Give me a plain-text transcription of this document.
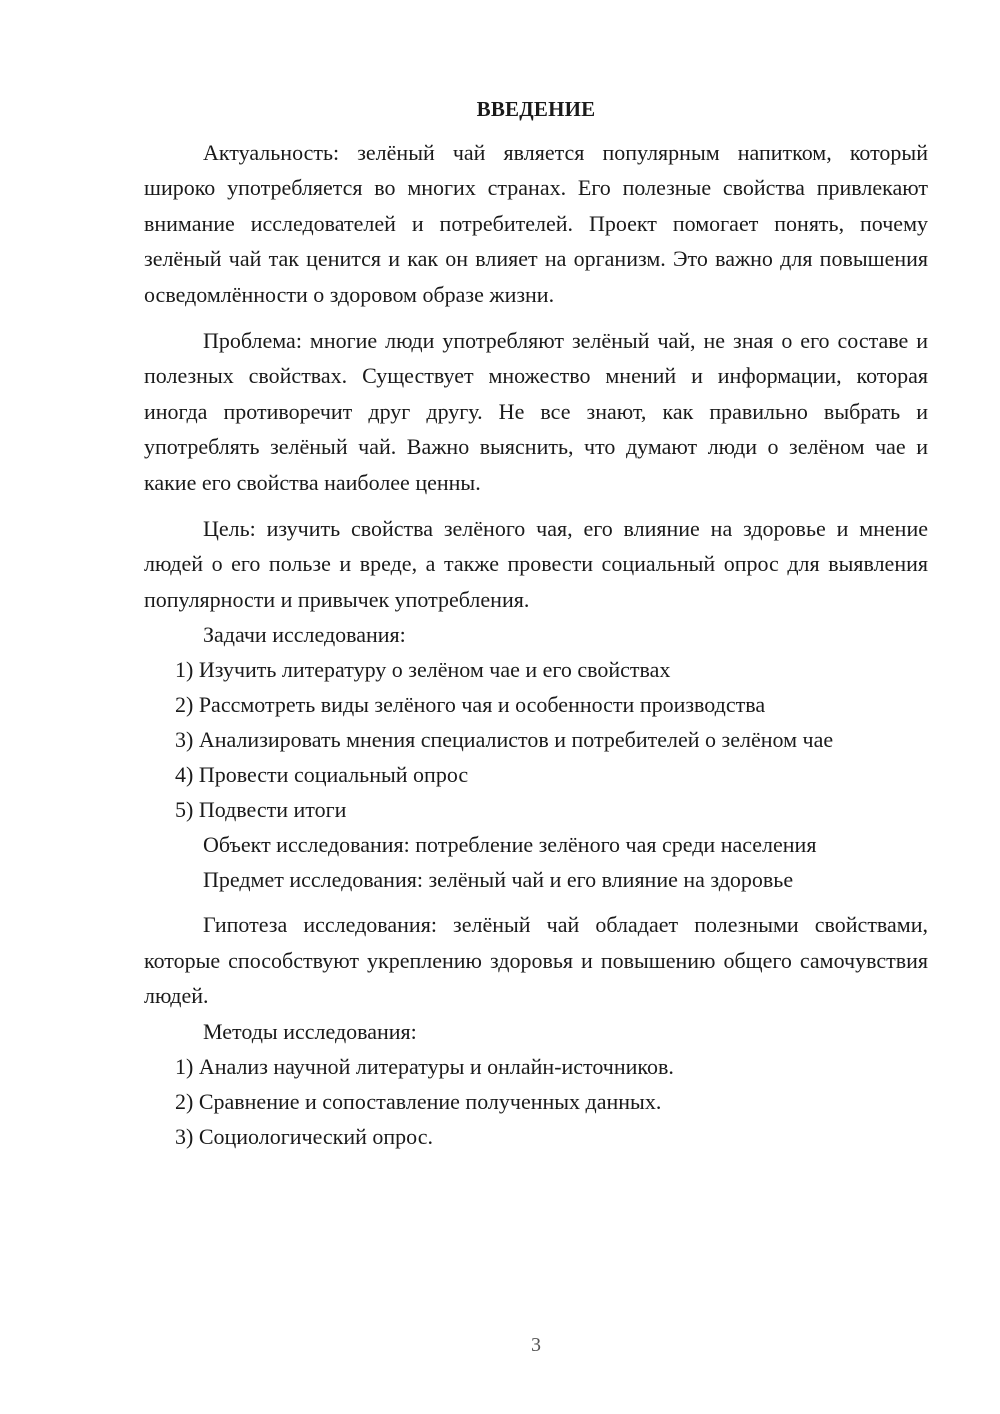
ВВЕДЕНИЕ

Актуальность: зелёный чай является популярным напитком, который широко употребляется во многих странах. Его полезные свойства привлекают внимание исследователей и потребителей. Проект помогает понять, почему зелёный чай так ценится и как он влияет на организм. Это важно для повышения осведомлённости о здоровом образе жизни.

Проблема: многие люди употребляют зелёный чай, не зная о его составе и полезных свойствах. Существует множество мнений и информации, которая иногда противоречит друг другу. Не все знают, как правильно выбрать и употреблять зелёный чай. Важно выяснить, что думают люди о зелёном чае и какие его свойства наиболее ценны.

Цель: изучить свойства зелёного чая, его влияние на здоровье и мнение людей о его пользе и вреде, а также провести социальный опрос для выявления популярности и привычек употребления.

Задачи исследования:

1) Изучить литературу о зелёном чае и его свойствах

2) Рассмотреть виды зелёного чая и особенности производства

3) Анализировать мнения специалистов и потребителей о зелёном чае

4) Провести социальный опрос

5) Подвести итоги

Объект исследования: потребление зелёного чая среди населения

Предмет исследования: зелёный чай и его влияние на здоровье

Гипотеза исследования: зелёный чай обладает полезными свойствами, которые способствуют укреплению здоровья и повышению общего самочувствия людей.

Методы исследования:

1) Анализ научной литературы и онлайн-источников.

2) Сравнение и сопоставление полученных данных.

3) Социологический опрос.

3
